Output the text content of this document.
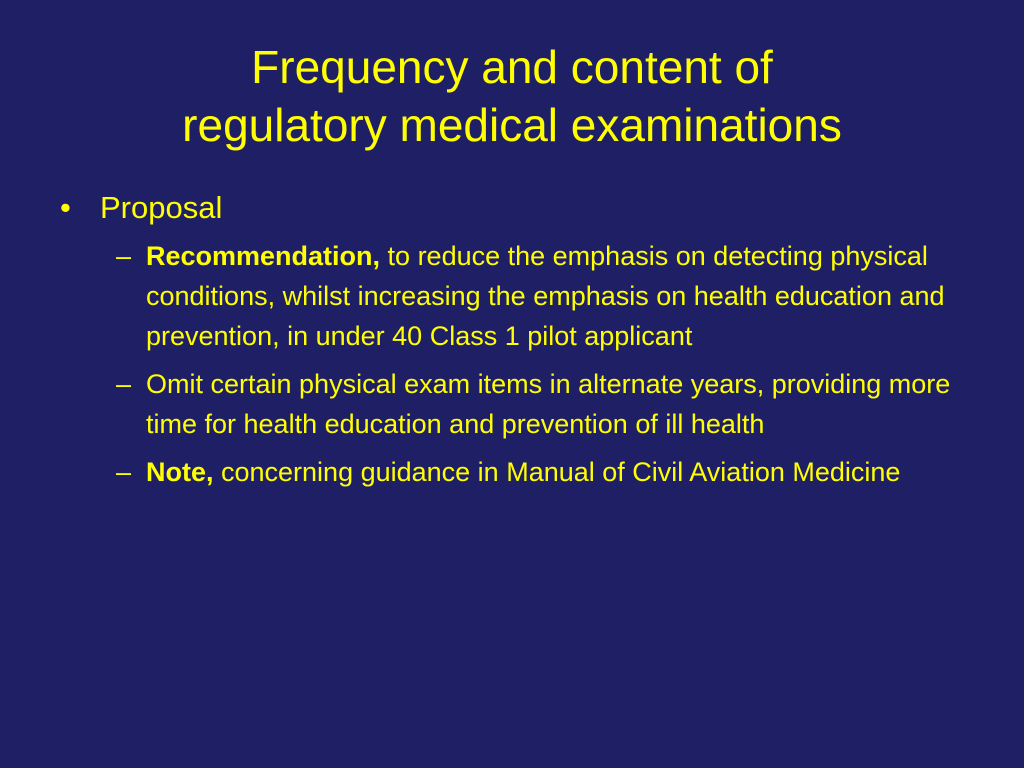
Frequency and content of
regulatory medical examinations
• Proposal
– Recommendation, to reduce the emphasis on detecting physical conditions, whilst increasing the emphasis on health education and prevention, in under 40 Class 1 pilot applicant
– Omit certain physical exam items in alternate years, providing more time for health education and prevention of ill health
– Note, concerning guidance in Manual of Civil Aviation Medicine
